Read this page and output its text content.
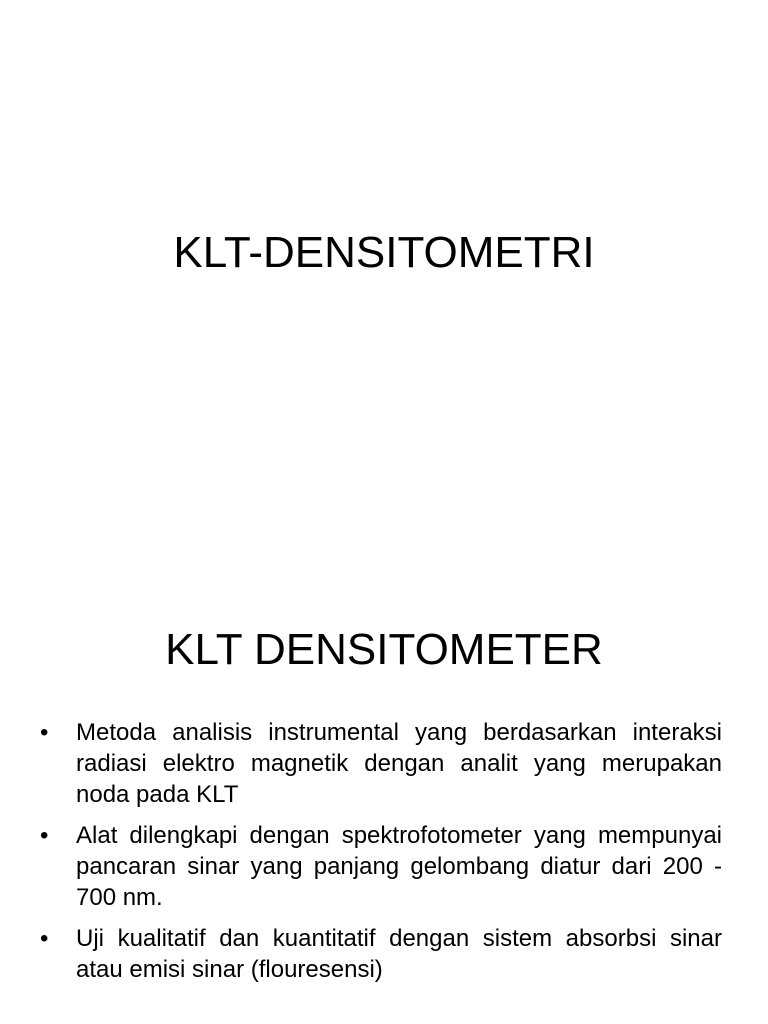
KLT-DENSITOMETRI
KLT DENSITOMETER
•	Metoda analisis instrumental yang berdasarkan interaksi radiasi elektro magnetik dengan analit yang merupakan noda pada KLT
•	Alat dilengkapi dengan spektrofotometer yang mempunyai pancaran sinar yang panjang gelombang diatur dari 200 - 700 nm.
•	Uji kualitatif dan kuantitatif dengan sistem absorbsi sinar atau emisi sinar (flouresensi)
